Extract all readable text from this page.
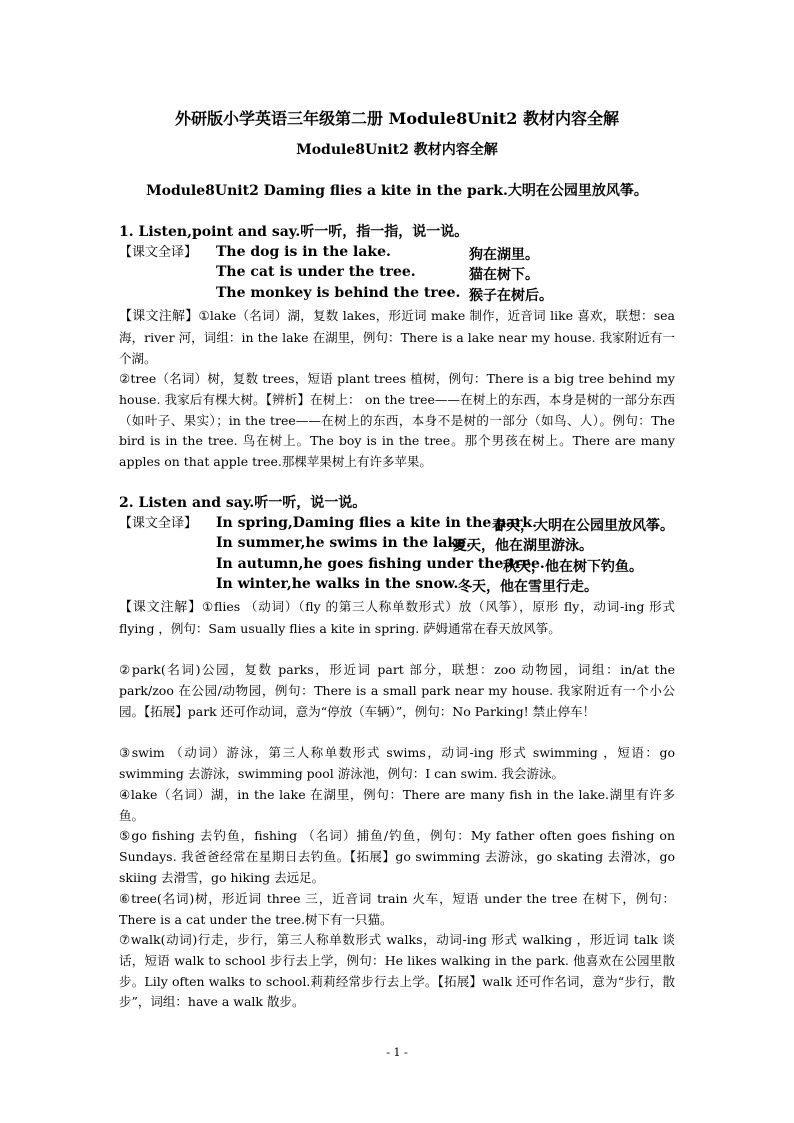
外研版小学英语三年级第二册 Module8Unit2 教材内容全解
Module8Unit2 教材内容全解
Module8Unit2 Daming flies a kite in the park.大明在公园里放风筝。
1. Listen,point and say.听一听，指一指，说一说。
【课文全译】 The dog is in the lake.	狗在湖里。
The cat is under the tree.	猫在树下。
The monkey is behind the tree. 猴子在树后。
【课文注解】①lake（名词）湖，复数 lakes，形近词 make 制作，近音词 like 喜欢，联想：sea 海，river 河，词组：in the lake 在湖里，例句：There is a lake near my house. 我家附近有一个湖。
②tree（名词）树，复数 trees，短语 plant trees 植树，例句：There is a big tree behind my house. 我家后有棵大树。【辨析】在树上： on the tree——在树上的东西，本身是树的一部分东西（如叶子、果实）；in the tree——在树上的东西，本身不是树的一部分（如鸟、人）。例句：The bird is in the tree. 鸟在树上。The boy is in the tree。那个男孩在树上。There are many apples on that apple tree.那棵苹果树上有许多苹果。
2. Listen and say.听一听，说一说。
【课文全译】 In spring,Daming flies a kite in the park.
春天，大明在公园里放风筝。
In summer,he swims in the lake.
夏天，他在湖里游泳。
In autumn,he goes fishing under the tree.
秋天，他在树下钓鱼。
In winter,he walks in the snow. 冬天，他在雪里行走。
【课文注解】①flies （动词）（fly 的第三人称单数形式）放（风筝），原形 fly，动词-ing 形式 flying ，例句：Sam usually flies a kite in spring. 萨姆通常在春天放风筝。
②park(名词)公园，复数 parks，形近词 part 部分，联想：zoo 动物园，词组：in/at the park/zoo 在公园/动物园，例句：There is a small park near my house. 我家附近有一个小公园。【拓展】park 还可作动词，意为“停放（车辆）”，例句：No Parking! 禁止停车！
③swim （动词）游泳，第三人称单数形式 swims，动词-ing 形式 swimming ，短语：go swimming 去游泳，swimming pool 游泳池，例句：I can swim. 我会游泳。
④lake（名词）湖，in the lake 在湖里，例句：There are many fish in the lake.湖里有许多鱼。
⑤go fishing 去钓鱼，fishing （名词）捕鱼/钓鱼，例句：My father often goes fishing on Sundays. 我爸爸经常在星期日去钓鱼。【拓展】go swimming 去游泳，go skating 去滑冰，go skiing 去滑雪，go hiking 去远足。
⑥tree(名词)树，形近词 three 三，近音词 train 火车，短语 under the tree 在树下，例句：There is a cat under the tree.树下有一只猫。
⑦walk(动词)行走，步行，第三人称单数形式 walks，动词-ing 形式 walking ，形近词 talk 谈话，短语 walk to school 步行去上学，例句：He likes walking in the park. 他喜欢在公园里散步。Lily often walks to school.莉莉经常步行去上学。【拓展】walk 还可作名词，意为“步行，散步”，词组：have a walk 散步。
- 1 -
